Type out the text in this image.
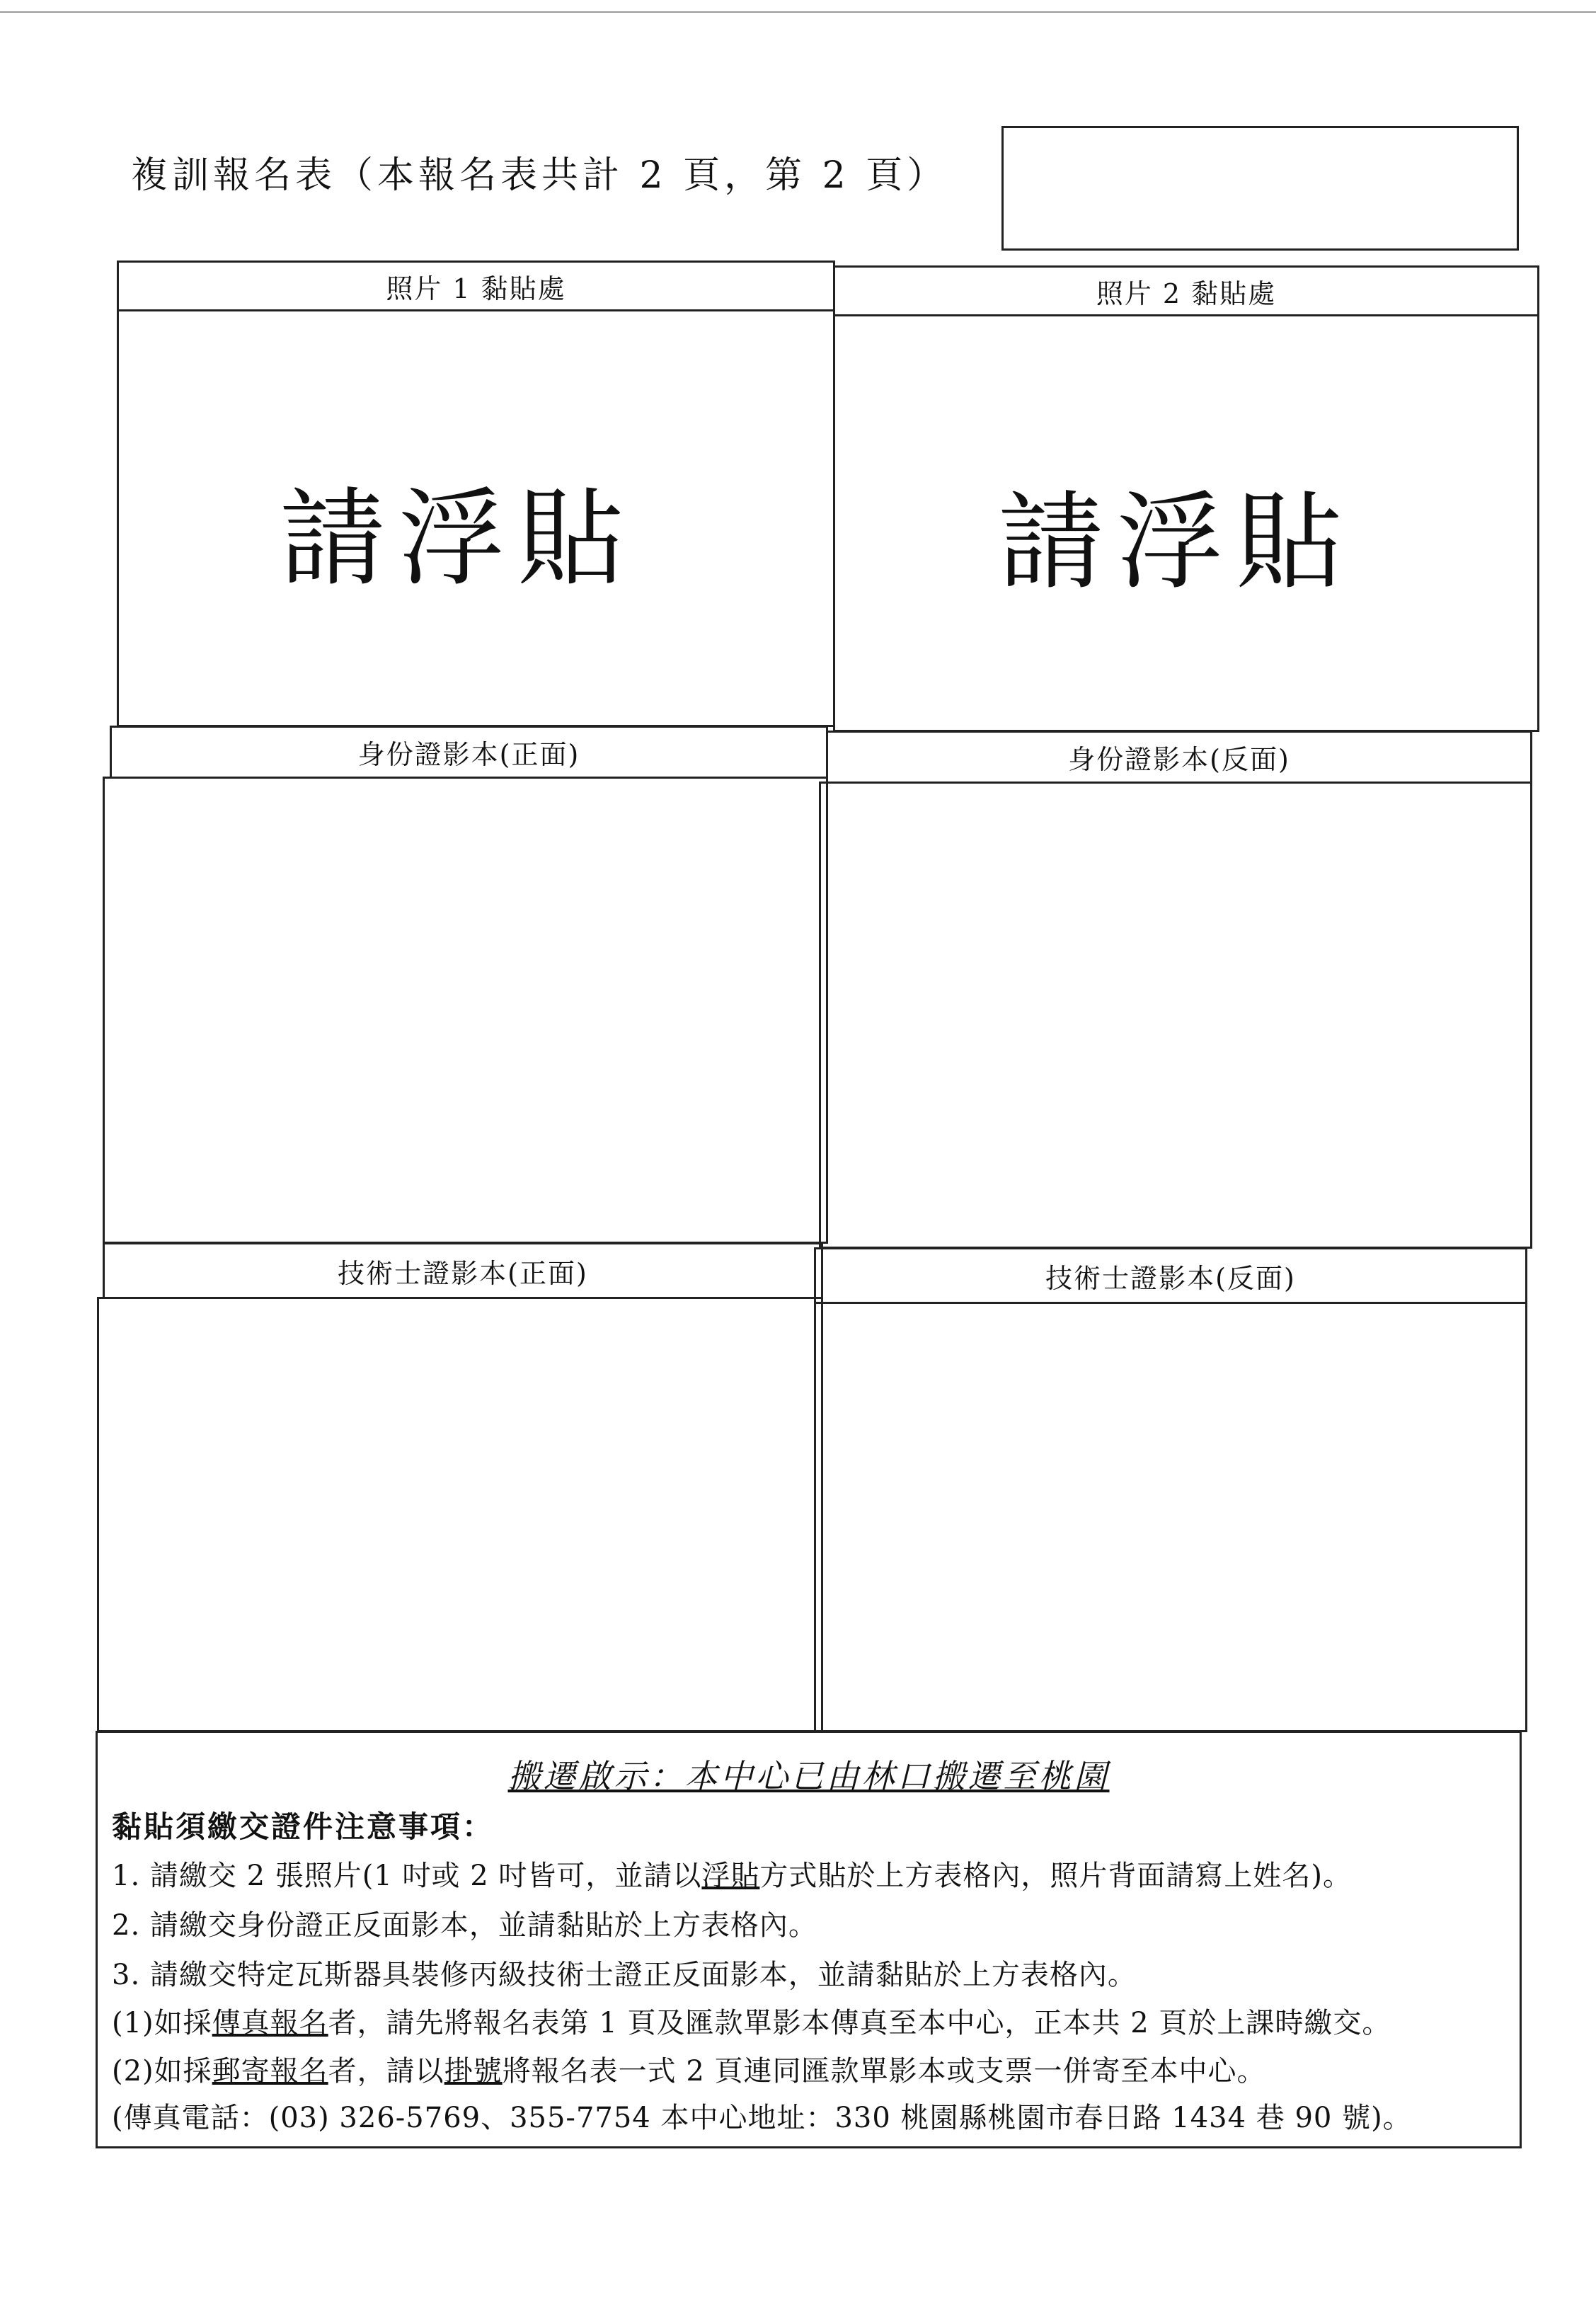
複訓報名表（本報名表共計 2 頁，第 2 頁）
照片 1 黏貼處	照片 2 黏貼處
請浮貼	請浮貼
身份證影本(正面)	身份證影本(反面)
技術士證影本(正面)	技術士證影本(反面)
搬遷啟示：本中心已由林口搬遷至桃園
黏貼須繳交證件注意事項：
1. 請繳交 2 張照片(1 吋或 2 吋皆可，並請以浮貼方式貼於上方表格內，照片背面請寫上姓名)。
2. 請繳交身份證正反面影本，並請黏貼於上方表格內。
3. 請繳交特定瓦斯器具裝修丙級技術士證正反面影本，並請黏貼於上方表格內。
(1)如採傳真報名者，請先將報名表第 1 頁及匯款單影本傳真至本中心，正本共 2 頁於上課時繳交。
(2)如採郵寄報名者，請以掛號將報名表一式 2 頁連同匯款單影本或支票一併寄至本中心。
(傳真電話：(03) 326-5769、355-7754 本中心地址：330 桃園縣桃園市春日路 1434 巷 90 號)。
